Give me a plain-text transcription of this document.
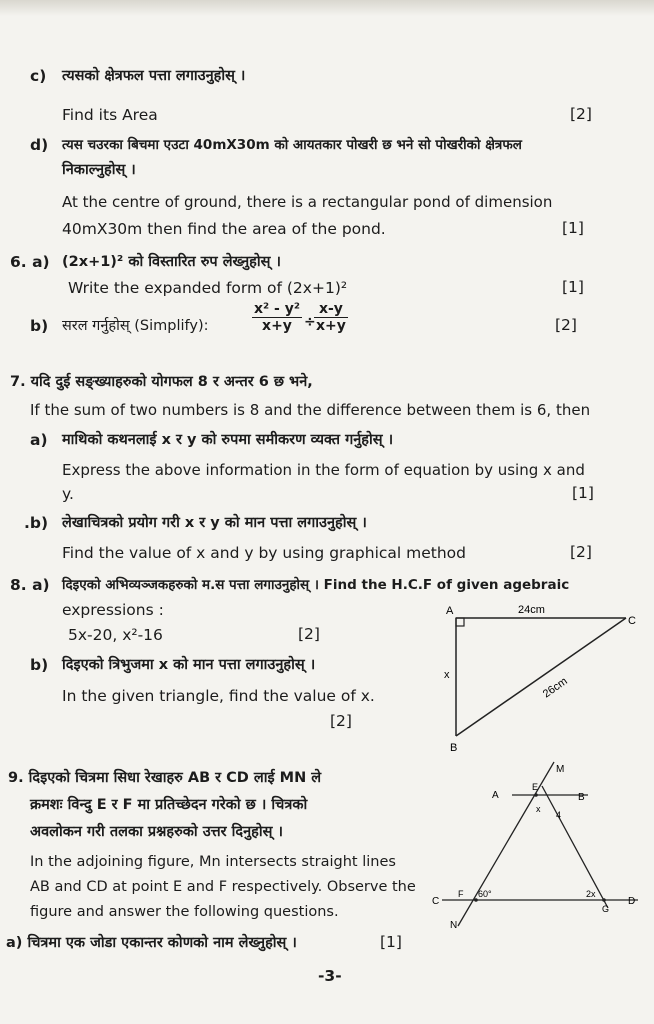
c) त्यसको क्षेत्रफल पत्ता लगाउनुहोस् ।
Find its Area	[2]
d) त्यस चउरका बिचमा एउटा 40mX30m को आयतकार पोखरी छ भने सो पोखरीको क्षेत्रफल
निकाल्नुहोस् ।
At the centre of ground, there is a rectangular pond of dimension
40mX30m then find the area of the pond.	[1]
6. a) (2x+1)² को विस्तारित रुप लेख्नुहोस् ।
Write the expanded form of (2x+1)²	[1]
b) सरल गर्नुहोस् (Simplify):	$\frac{\text{x² - y²}}{x+y}$ ÷
$\frac{x-y}{x+y}$	[2]
7. यदि दुई सङ्ख्याहरुको योगफल 8 र अन्तर 6 छ भने,
If the sum of two numbers is 8 and the difference between them is 6, then
a) माथिको कथनलाई x र y को रुपमा समीकरण व्यक्त गर्नुहोस् ।
Express the above information in the form of equation by using x and
y.	[1]
.b) लेखाचित्रको प्रयोग गरी x र y को मान पत्ता लगाउनुहोस् ।
Find the value of x and y by using graphical method	[2]
8. a) दिइएको अभिव्यञ्जकहरुको म.स पत्ता लगाउनुहोस् । Find the H.C.F of given agebraic
expressions :
5x-20, x²-16	[2]
b) दिइएको त्रिभुजमा x को मान पत्ता लगाउनुहोस् ।
In the given triangle, find the value of x.
[2]
A
B
C
24cm
x
26cm
9. दिइएको चित्रमा सिधा रेखाहरु AB र CD लाई MN ले
क्रमशः विन्दु E र F मा प्रतिच्छेदन गरेको छ । चित्रको
अवलोकन गरी तलका प्रश्नहरुको उत्तर दिनुहोस् ।
In the adjoining figure, Mn intersects straight lines
AB and CD at point E and F respectively. Observe the
figure and answer the following questions.
a) चित्रमा एक जोडा एकान्तर कोणको नाम लेख्नुहोस् ।	[1]
M
A	B
E
x
4
C
F 60°	2x
G
D
N
-3-
